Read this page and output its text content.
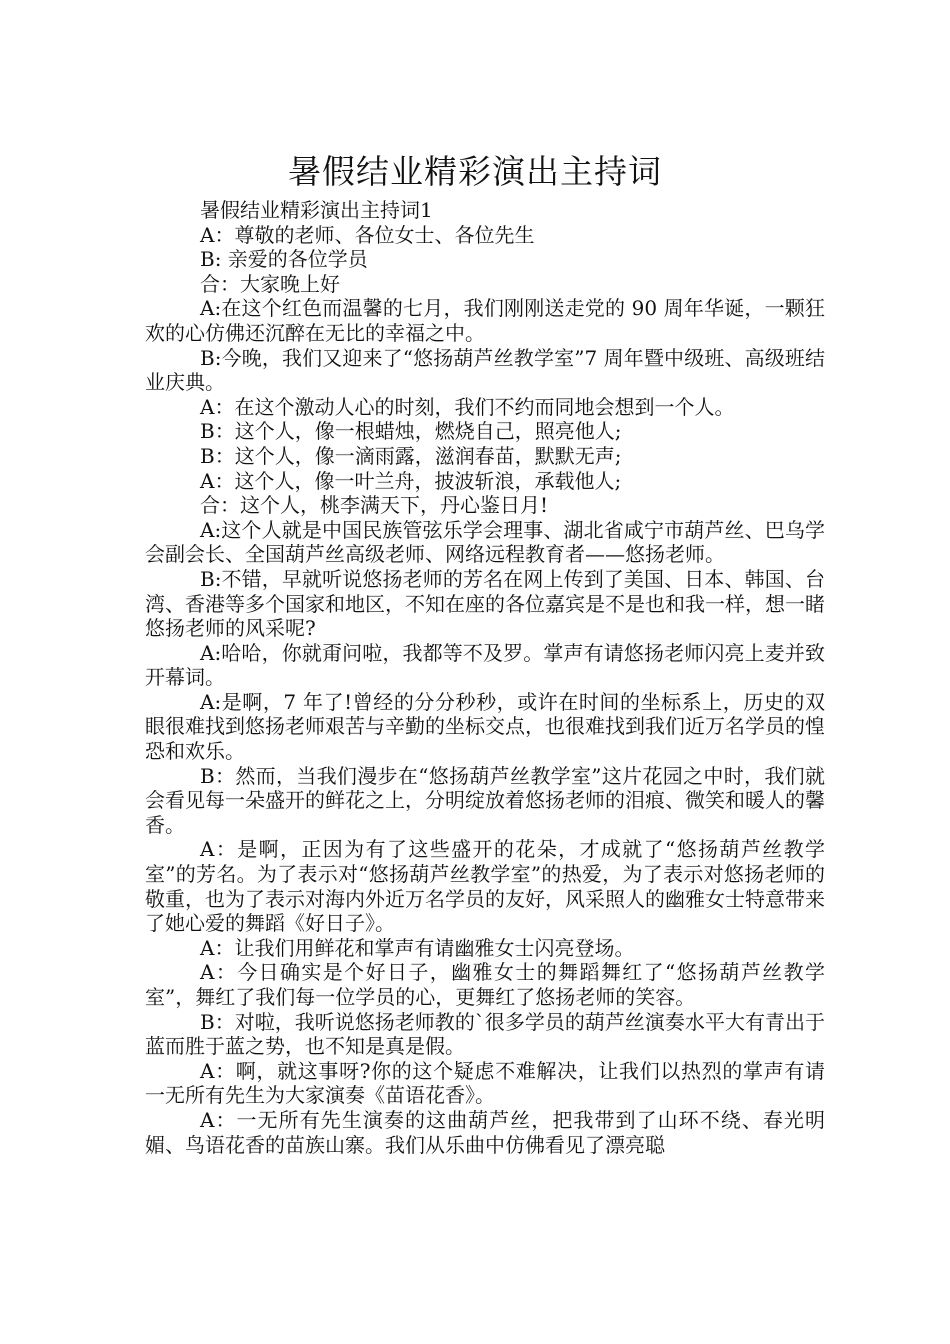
暑假结业精彩演出主持词

暑假结业精彩演出主持词1

A：尊敬的老师、各位女士、各位先生

B: 亲爱的各位学员

合：大家晚上好

A:在这个红色而温馨的七月，我们刚刚送走党的 90 周年华诞，一颗狂欢的心仿佛还沉醉在无比的幸福之中。

B:今晚，我们又迎来了“悠扬葫芦丝教学室”7 周年暨中级班、高级班结业庆典。

A：在这个激动人心的时刻，我们不约而同地会想到一个人。

B：这个人，像一根蜡烛，燃烧自己，照亮他人;

B：这个人，像一滴雨露，滋润春苗，默默无声;

A：这个人，像一叶兰舟，披波斩浪，承载他人;

合：这个人，桃李满天下，丹心鉴日月!

A:这个人就是中国民族管弦乐学会理事、湖北省咸宁市葫芦丝、巴乌学会副会长、全国葫芦丝高级老师、网络远程教育者——悠扬老师。

B:不错，早就听说悠扬老师的芳名在网上传到了美国、日本、韩国、台湾、香港等多个国家和地区，不知在座的各位嘉宾是不是也和我一样，想一睹悠扬老师的风采呢?

A:哈哈，你就甭问啦，我都等不及罗。掌声有请悠扬老师闪亮上麦并致开幕词。

A:是啊，7 年了!曾经的分分秒秒，或许在时间的坐标系上，历史的双眼很难找到悠扬老师艰苦与辛勤的坐标交点，也很难找到我们近万名学员的惶恐和欢乐。

B：然而，当我们漫步在“悠扬葫芦丝教学室”这片花园之中时，我们就会看见每一朵盛开的鲜花之上，分明绽放着悠扬老师的泪痕、微笑和暖人的馨香。

A：是啊，正因为有了这些盛开的花朵，才成就了“悠扬葫芦丝教学室”的芳名。为了表示对“悠扬葫芦丝教学室”的热爱，为了表示对悠扬老师的敬重，也为了表示对海内外近万名学员的友好，风采照人的幽雅女士特意带来了她心爱的舞蹈《好日子》。

A：让我们用鲜花和掌声有请幽雅女士闪亮登场。

A：今日确实是个好日子，幽雅女士的舞蹈舞红了“悠扬葫芦丝教学室”，舞红了我们每一位学员的心，更舞红了悠扬老师的笑容。

B：对啦，我听说悠扬老师教的`很多学员的葫芦丝演奏水平大有青出于蓝而胜于蓝之势，也不知是真是假。

A：啊，就这事呀?你的这个疑虑不难解决，让我们以热烈的掌声有请一无所有先生为大家演奏《苗语花香》。

A：一无所有先生演奏的这曲葫芦丝，把我带到了山环不绕、春光明媚、鸟语花香的苗族山寨。我们从乐曲中仿佛看见了漂亮聪
